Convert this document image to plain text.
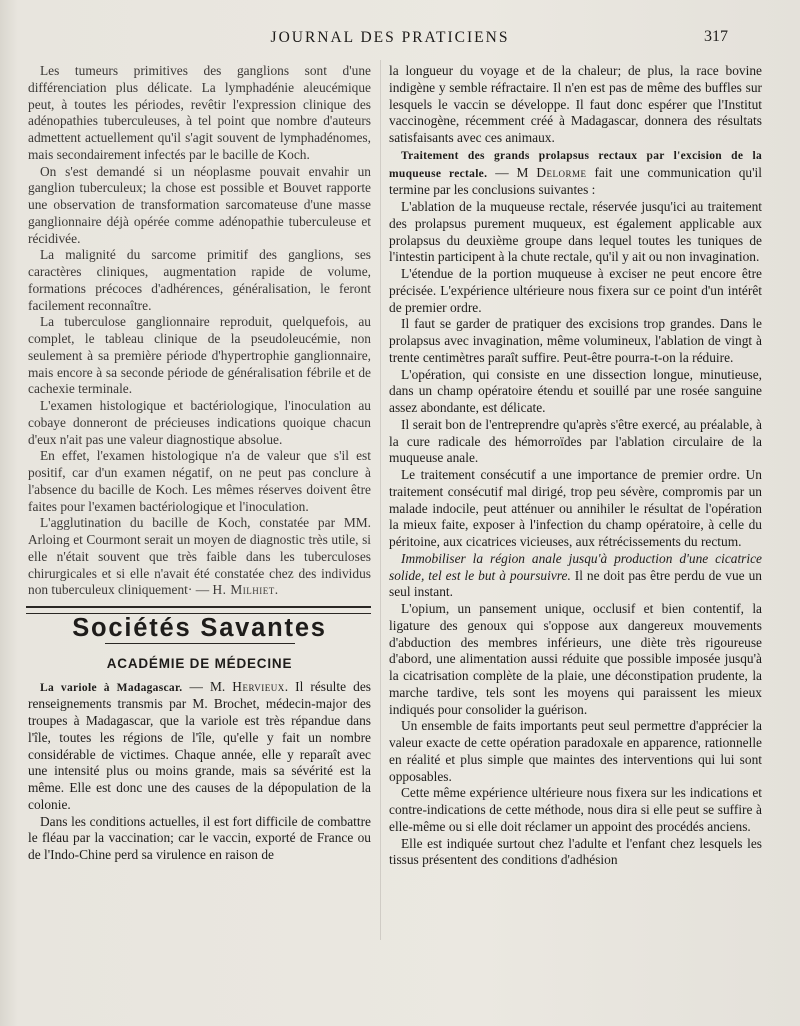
JOURNAL DES PRATICIENS	317

Les tumeurs primitives des ganglions sont d'une différenciation plus délicate. La lymphadénie aleucémique peut, à toutes les périodes, revêtir l'expression clinique des adénopathies tuberculeuses, à tel point que nombre d'auteurs admettent actuellement qu'il s'agit souvent de lymphadénomes, mais secondairement infectés par le bacille de Koch.

On s'est demandé si un néoplasme pouvait envahir un ganglion tuberculeux; la chose est possible et Bouvet rapporte une observation de transformation sarcomateuse d'une masse ganglionnaire déjà opérée comme adénopathie tuberculeuse et récidivée.

La malignité du sarcome primitif des ganglions, ses caractères cliniques, augmentation rapide de volume, formations précoces d'adhérences, généralisation, le feront facilement reconnaître.

La tuberculose ganglionnaire reproduit, quelquefois, au complet, le tableau clinique de la pseudoleucémie, non seulement à sa première période d'hypertrophie ganglionnaire, mais encore à sa seconde période de généralisation fébrile et de cachexie terminale.

L'examen histologique et bactériologique, l'inoculation au cobaye donneront de précieuses indications quoique chacun d'eux n'ait pas une valeur diagnostique absolue.

En effet, l'examen histologique n'a de valeur que s'il est positif, car d'un examen négatif, on ne peut pas conclure à l'absence du bacille de Koch. Les mêmes réserves doivent être faites pour l'examen bactériologique et l'inoculation.

L'agglutination du bacille de Koch, constatée par MM. Arloing et Courmont serait un moyen de diagnostic très utile, si elle n'était souvent que très faible dans les tuberculoses chirurgicales et si elle n'avait été constatée chez des individus non tuberculeux cliniquement· — H. Milhiet.

Sociétés Savantes
ACADÉMIE DE MÉDECINE

La variole à Madagascar. — M. Hervieux. Il résulte des renseignements transmis par M. Brochet, médecin-major des troupes à Madagascar, que la variole est très répandue dans l'île, toutes les régions de l'île, qu'elle y fait un nombre considérable de victimes. Chaque année, elle y reparaît avec une intensité plus ou moins grande, mais sa sévérité est la même. Elle est donc une des causes de la dépopulation de la colonie.

Dans les conditions actuelles, il est fort difficile de combattre le fléau par la vaccination; car le vaccin, exporté de France ou de l'Indo-Chine perd sa virulence en raison de

la longueur du voyage et de la chaleur; de plus, la race bovine indigène y semble réfractaire. Il n'en est pas de même des buffles sur lesquels le vaccin se développe. Il faut donc espérer que l'Institut vaccinogène, récemment créé à Madagascar, donnera des résultats satisfaisants avec ces animaux.

Traitement des grands prolapsus rectaux par l'excision de la muqueuse rectale. — M Delorme fait une communication qu'il termine par les conclusions suivantes :

L'ablation de la muqueuse rectale, réservée jusqu'ici au traitement des prolapsus purement muqueux, est également applicable aux prolapsus du deuxième groupe dans lequel toutes les tuniques de l'intestin participent à la chute rectale, qu'il y ait ou non invagination.

L'étendue de la portion muqueuse à exciser ne peut encore être précisée. L'expérience ultérieure nous fixera sur ce point d'un intérêt de premier ordre.

Il faut se garder de pratiquer des excisions trop grandes. Dans le prolapsus avec invagination, même volumineux, l'ablation de vingt à trente centimètres paraît suffire. Peut-être pourra-t-on la réduire.

L'opération, qui consiste en une dissection longue, minutieuse, dans un champ opératoire étendu et souillé par une rosée sanguine assez abondante, est délicate.

Il serait bon de l'entreprendre qu'après s'être exercé, au préalable, à la cure radicale des hémorroïdes par l'ablation circulaire de la muqueuse anale.

Le traitement consécutif a une importance de premier ordre. Un traitement consécutif mal dirigé, trop peu sévère, compromis par un malade indocile, peut atténuer ou annihiler le résultat de l'opération la mieux faite, exposer à l'infection du champ opératoire, à celle du péritoine, aux cicatrices vicieuses, aux rétrécissements du rectum.

Immobiliser la région anale jusqu'à production d'une cicatrice solide, tel est le but à poursuivre. Il ne doit pas être perdu de vue un seul instant.

L'opium, un pansement unique, occlusif et bien contentif, la ligature des genoux qui s'oppose aux dangereux mouvements d'abduction des membres inférieurs, une diète très rigoureuse d'abord, une alimentation aussi réduite que possible imposée jusqu'à la cicatrisation complète de la plaie, une déconstipation prudente, la marche tardive, tels sont les moyens qui paraissent les mieux indiqués pour consolider la guérison.

Un ensemble de faits importants peut seul permettre d'apprécier la valeur exacte de cette opération paradoxale en apparence, rationnelle en réalité et plus simple que maintes des interventions qui lui sont opposables.

Cette même expérience ultérieure nous fixera sur les indications et contre-indications de cette méthode, nous dira si elle peut se suffire à elle-même ou si elle doit réclamer un appoint des procédés anciens.

Elle est indiquée surtout chez l'adulte et l'enfant chez lesquels les tissus présentent des conditions d'adhésion
